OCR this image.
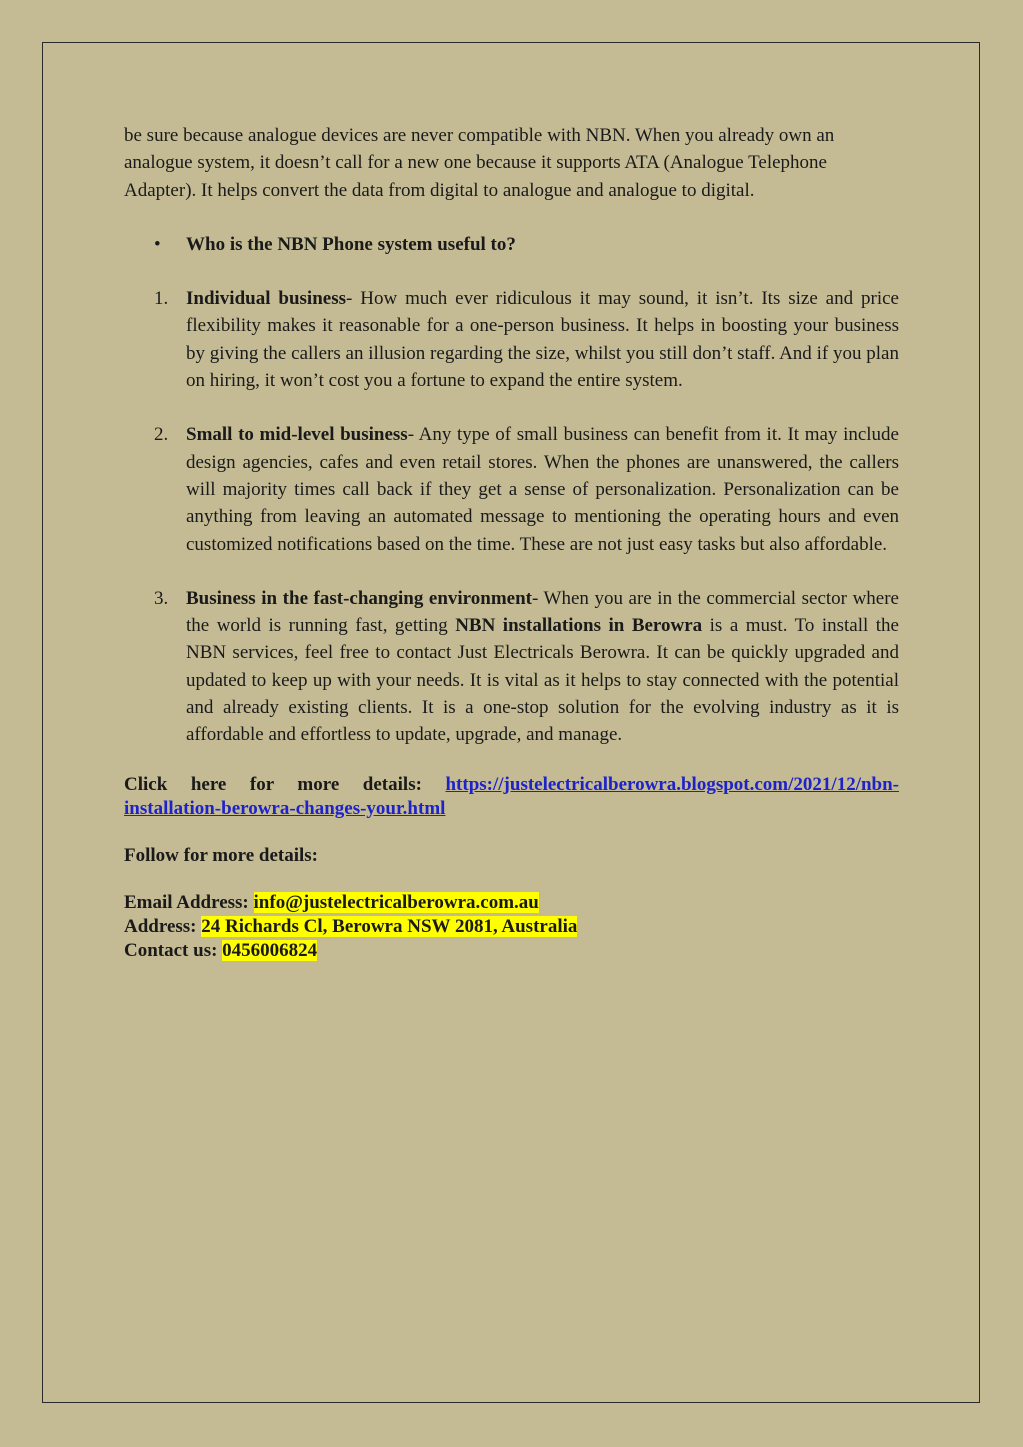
be sure because analogue devices are never compatible with NBN. When you already own an
analogue system, it doesn’t call for a new one because it supports ATA (Analogue Telephone
Adapter). It helps convert the data from digital to analogue and analogue to digital.

• Who is the NBN Phone system useful to?
1. Individual business- How much ever ridiculous it may sound, it isn’t. Its size and price flexibility makes it reasonable for a one-person business. It helps in boosting your business by giving the callers an illusion regarding the size, whilst you still don’t staff. And if you plan on hiring, it won’t cost you a fortune to expand the entire system.

2. Small to mid-level business- Any type of small business can benefit from it. It may include design agencies, cafes and even retail stores. When the phones are unanswered, the callers will majority times call back if they get a sense of personalization. Personalization can be anything from leaving an automated message to mentioning the operating hours and even customized notifications based on the time. These are not just easy tasks but also affordable.

3. Business in the fast-changing environment- When you are in the commercial sector where the world is running fast, getting NBN installations in Berowra is a must. To install the NBN services, feel free to contact Just Electricals Berowra. It can be quickly upgraded and updated to keep up with your needs. It is vital as it helps to stay connected with the potential and already existing clients. It is a one-stop solution for the evolving industry as it is affordable and effortless to update, upgrade, and manage.

Click here for more details: https://justelectricalberowra.blogspot.com/2021/12/nbn-installation-berowra-changes-your.html

Follow for more details:

Email Address: info@justelectricalberowra.com.au
Address: 24 Richards Cl, Berowra NSW 2081, Australia
Contact us: 0456006824
